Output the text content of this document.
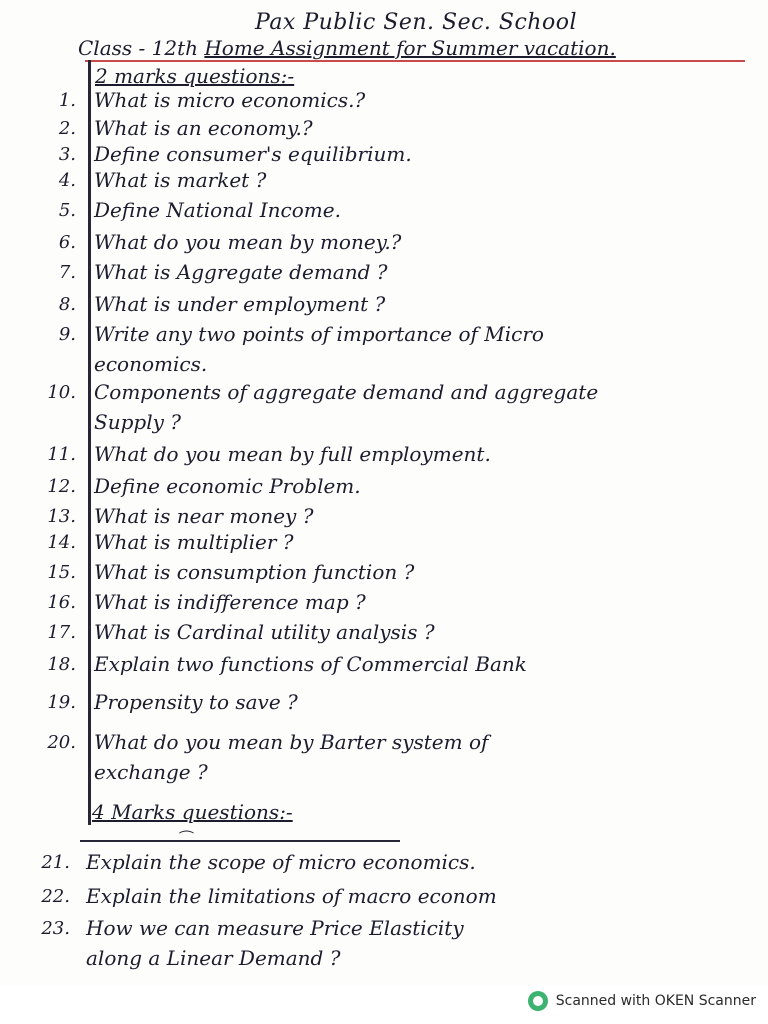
Pax Public Sen. Sec. School
Class - 12th Home Assignment for Summer vacation.
2 marks questions:-
1. What is micro economics.?
2. What is an economy.?
3. Define consumer's equilibrium.
4. What is market ?
5. Define National Income.
6. What do you mean by money.?
7. What is Aggregate demand ?
8. What is under employment ?
9. Write any two points of importance of Micro
economics.
10. Components of aggregate demand and aggregate
Supply ?
11. What do you mean by full employment.
12. Define economic Problem.
13. What is near money ?
14. What is multiplier ?
15. What is consumption function ?
16. What is indifference map ?
17. What is Cardinal utility analysis ?
18. Explain two functions of Commercial Bank
19. Propensity to save ?
20. What do you mean by Barter system of
exchange ?
4 Marks questions:-
21. Explain the scope of micro economics.
22. Explain the limitations of macro econom
23. How we can measure Price Elasticity
along a Linear Demand ?
Scanned with OKEN Scanner
